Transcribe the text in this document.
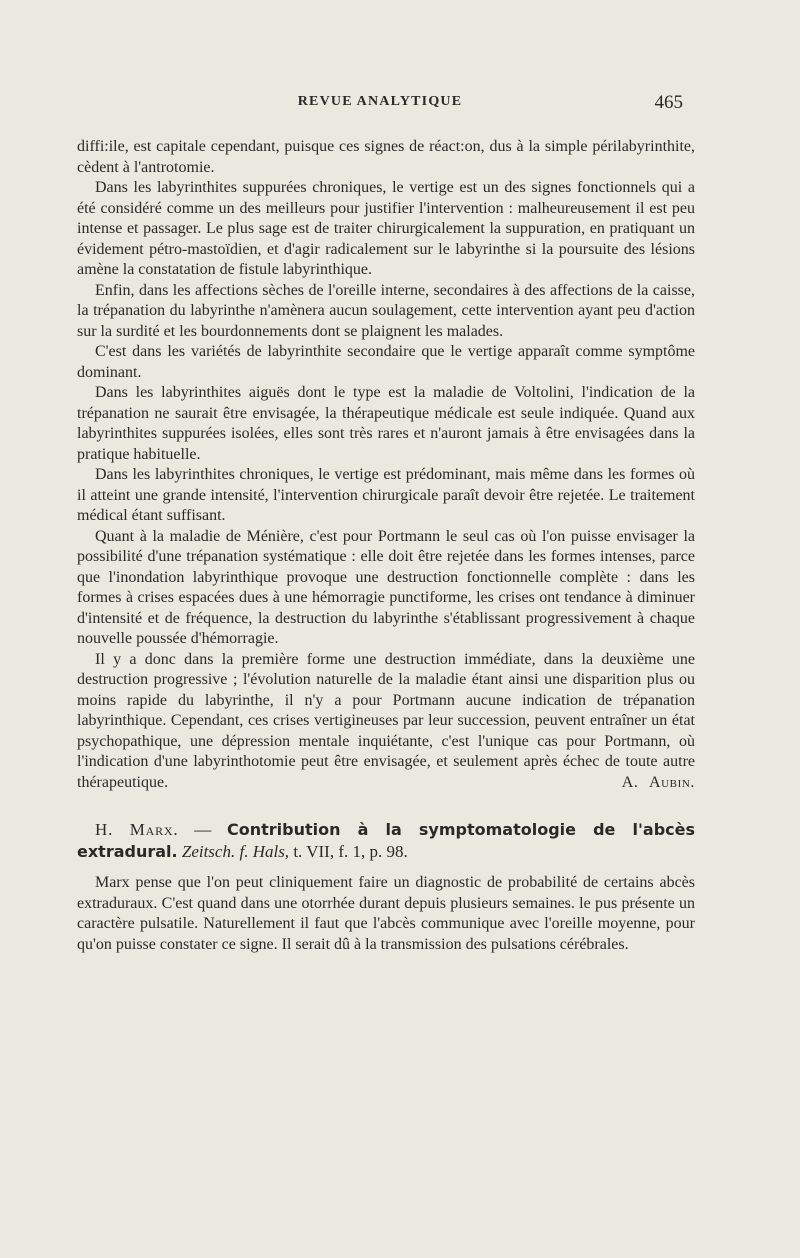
REVUE ANALYTIQUE	465

diffi:ile, est capitale cependant, puisque ces signes de réact:on, dus à la simple périlabyrinthite, cèdent à l'antrotomie.

Dans les labyrinthites suppurées chroniques, le vertige est un des signes fonctionnels qui a été considéré comme un des meilleurs pour justifier l'intervention : malheureusement il est peu intense et passager. Le plus sage est de traiter chirurgicalement la suppuration, en pratiquant un évidement pétro-mastoïdien, et d'agir radicalement sur le labyrinthe si la poursuite des lésions amène la constatation de fistule labyrinthique.

Enfin, dans les affections sèches de l'oreille interne, secondaires à des affections de la caisse, la trépanation du labyrinthe n'amènera aucun soulagement, cette intervention ayant peu d'action sur la surdité et les bourdonnements dont se plaignent les malades.

C'est dans les variétés de labyrinthite secondaire que le vertige apparaît comme symptôme dominant.

Dans les labyrinthites aiguës dont le type est la maladie de Voltolini, l'indication de la trépanation ne saurait être envisagée, la thérapeutique médicale est seule indiquée. Quand aux labyrinthites suppurées isolées, elles sont très rares et n'auront jamais à être envisagées dans la pratique habituelle.

Dans les labyrinthites chroniques, le vertige est prédominant, mais même dans les formes où il atteint une grande intensité, l'intervention chirurgicale paraît devoir être rejetée. Le traitement médical étant suffisant.

Quant à la maladie de Ménière, c'est pour Portmann le seul cas où l'on puisse envisager la possibilité d'une trépanation systématique : elle doit être rejetée dans les formes intenses, parce que l'inondation labyrinthique provoque une destruction fonctionnelle complète : dans les formes à crises espacées dues à une hémorragie punctiforme, les crises ont tendance à diminuer d'intensité et de fréquence, la destruction du labyrinthe s'établissant progressivement à chaque nouvelle poussée d'hémorragie.

Il y a donc dans la première forme une destruction immédiate, dans la deuxième une destruction progressive ; l'évolution naturelle de la maladie étant ainsi une disparition plus ou moins rapide du labyrinthe, il n'y a pour Portmann aucune indication de trépanation labyrinthique. Cependant, ces crises vertigineuses par leur succession, peuvent entraîner un état psychopathique, une dépression mentale inquiétante, c'est l'unique cas pour Portmann, où l'indication d'une labyrinthotomie peut être envisagée, et seulement après échec de toute autre thérapeutique.	A. Aubin.

H. Marx. — Contribution à la symptomatologie de l'abcès extradural. Zeitsch. f. Hals, t. VII, f. 1, p. 98.

Marx pense que l'on peut cliniquement faire un diagnostic de probabilité de certains abcès extraduraux. C'est quand dans une otorrhée durant depuis plusieurs semaines. le pus présente un caractère pulsatile. Naturellement il faut que l'abcès communique avec l'oreille moyenne, pour qu'on puisse constater ce signe. Il serait dû à la transmission des pulsations cérébrales.
